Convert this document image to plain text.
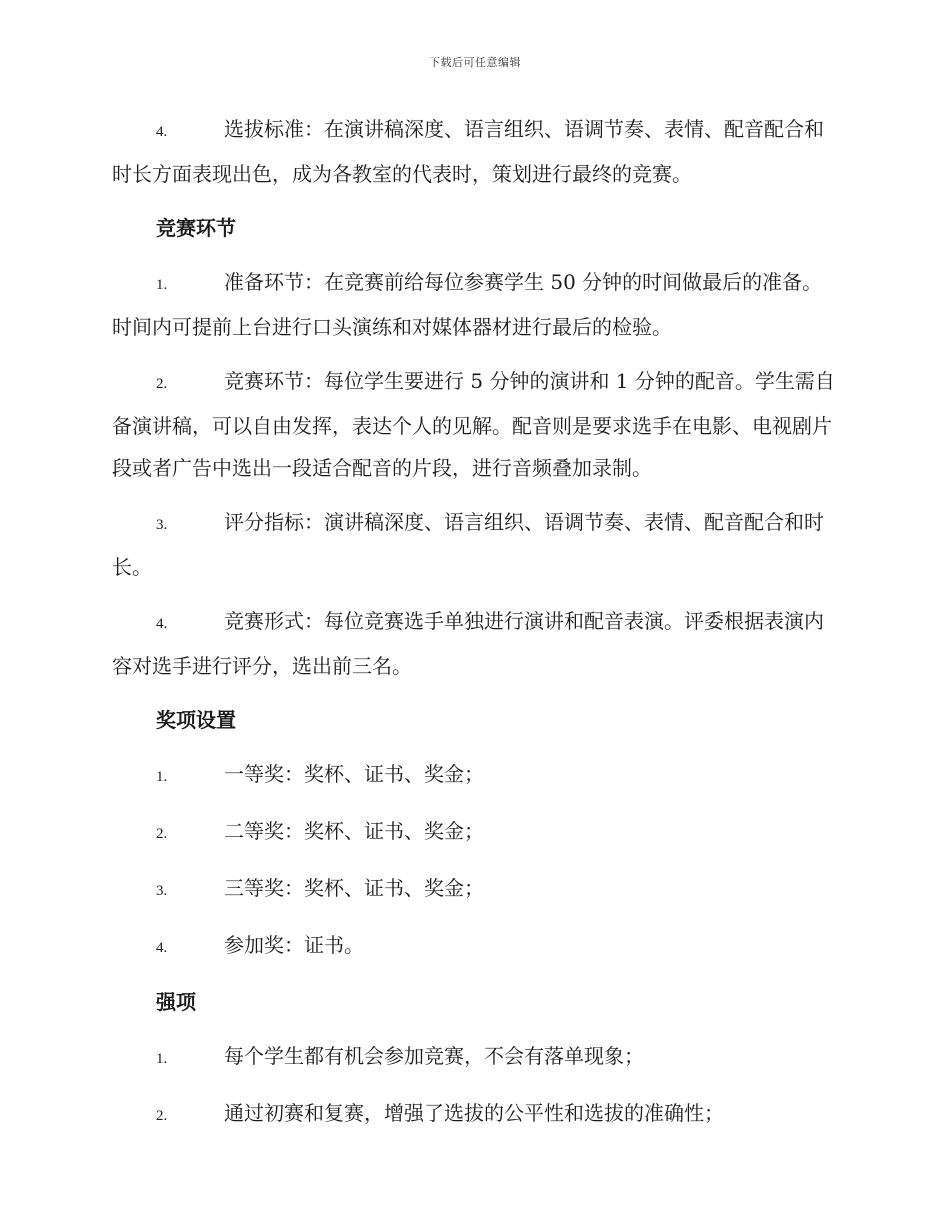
下载后可任意编辑

4.	选拔标准：在演讲稿深度、语言组织、语调节奏、表情、配音配合和时长方面表现出色，成为各教室的代表时，策划进行最终的竞赛。

竞赛环节

1.	准备环节：在竞赛前给每位参赛学生 50 分钟的时间做最后的准备。时间内可提前上台进行口头演练和对媒体器材进行最后的检验。

2.	竞赛环节：每位学生要进行 5 分钟的演讲和 1 分钟的配音。学生需自备演讲稿，可以自由发挥，表达个人的见解。配音则是要求选手在电影、电视剧片段或者广告中选出一段适合配音的片段，进行音频叠加录制。

3.	评分指标：演讲稿深度、语言组织、语调节奏、表情、配音配合和时长。

4.	竞赛形式：每位竞赛选手单独进行演讲和配音表演。评委根据表演内容对选手进行评分，选出前三名。

奖项设置
1.	一等奖：奖杯、证书、奖金；
2.	二等奖：奖杯、证书、奖金；
3.	三等奖：奖杯、证书、奖金；
4.	参加奖：证书。
强项
1.	每个学生都有机会参加竞赛，不会有落单现象；
2.	通过初赛和复赛，增强了选拔的公平性和选拔的准确性；
